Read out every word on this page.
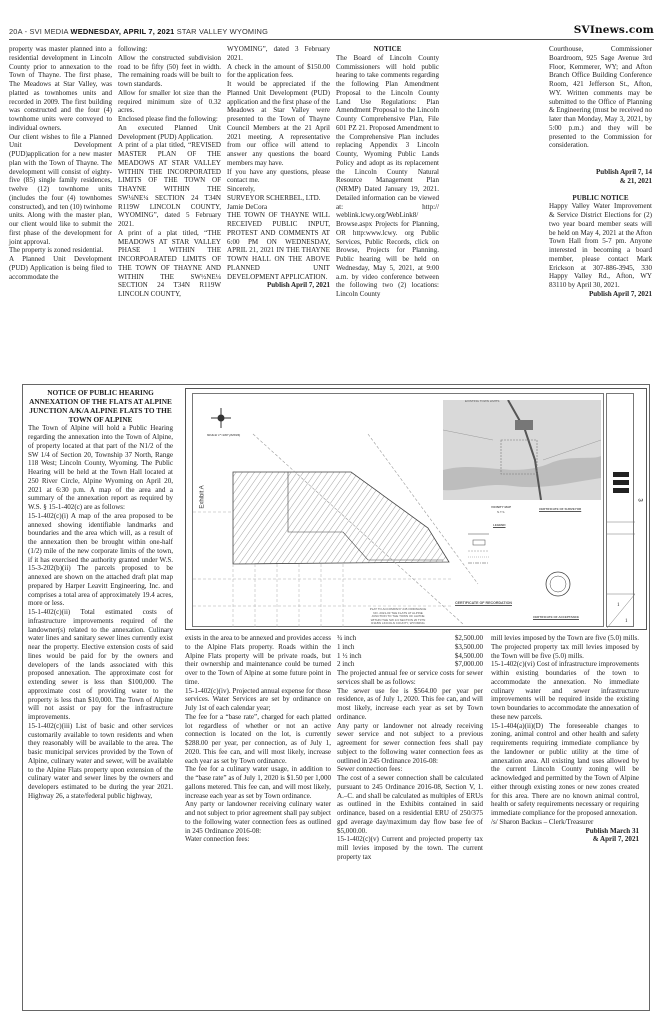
20A - SVI MEDIA WEDNESDAY, APRIL 7, 2021 STAR VALLEY WYOMING	SVInews.com

property was master planned into a residential development in Lincoln County prior to annexation to the Town of Thayne. The first phase, The Meadows at Star Valley, was platted as townhomes units and recorded in 2009. The first building was constructed and the four (4) townhome units were conveyed to individual owners.

Our client wishes to file a Planned Unit Development (PUD)application for a new master plan with the Town of Thayne. The development will consist of eighty-five (85) single family residences, twelve (12) townhome units (includes the four (4) townhomes constructed), and ten (10) twinhome units. Along with the master plan, our client would like to submit the first phase of the development for joint approval.

The property is zoned residential.

A Planned Unit Development (PUD) Application is being filed to accommodate the

following:

Allow the constructed subdivision road to be fifty (50) feet in width. The remaining roads will be built to town standards.

Allow for smaller lot size than the required minimum size of 0.32 acres.

Enclosed please find the following:

An executed Planned Unit Development (PUD) Application.

A print of a plat titled, “REVISED MASTER PLAN OF THE MEADOWS AT STAR VALLEY WITHIN THE INCORPORATED LIMITS OF THE TOWN OF THAYNE WITHIN THE SW¼NE¼ SECTION 24 T34N R119W LINCOLN COUNTY, WYOMING”, dated 5 February 2021.

A print of a plat titled, “THE MEADOWS AT STAR VALLEY PHASE 1 WITHIN THE INCORPOARATED LIMITS OF THE TOWN OF THAYNE AND WITHIN THE SW½NE¼ SECTION 24 T34N R119W LINCOLN COUNTY,

WYOMING”, dated 3 February 2021.

A check in the amount of $150.00 for the application fees.

It would be appreciated if the Planned Unit Development (PUD) application and the first phase of the Meadows at Star Valley were presented to the Town of Thayne Council Members at the 21 April 2021 meeting. A representative from our office will attend to answer any questions the board members may have.

If you have any questions, please contact me.

Sincerely,

SURVEYOR SCHERBEL, LTD.

Jamie DeCora

THE TOWN OF THAYNE WILL RECEIVED PUBLIC INPUT, PROTEST AND COMMENTS AT 6:00 PM ON WEDNESDAY, APRIL 21, 2021 IN THE THAYNE TOWN HALL ON THE ABOVE PLANNED UNIT DEVELOPMENT APPLICATION.

Publish April 7, 2021

NOTICE

The Board of Lincoln County Commissioners will hold public hearing to take comments regarding the following Plan Amendment Proposal to the Lincoln County Land Use Regulations: Plan Amendment Proposal to the Lincoln County Comprehensive Plan, File 601 PZ 21. Proposed Amendment to the Comprehensive Plan includes replacing Appendix 3 Lincoln County, Wyoming Public Lands Policy and adopt as its replacement the Lincoln County Natural Resource Management Plan (NRMP) Dated January 19, 2021. Detailed information can be viewed at: http:// weblink.lcwy.org/WebLink8/ Browse.aspx Projects for Planning, OR http:www.lcwy. org Public Services, Public Records, click on Browse, Projects for Planning. Public hearing will be held on Wednesday, May 5, 2021, at 9:00 a.m. by video conference between the following two (2) locations: Lincoln County

Courthouse, Commissioner Boardroom, 925 Sage Avenue 3rd Floor, Kemmerer, WY; and Afton Branch Office Building Conference Room, 421 Jefferson St., Afton, WY. Written comments may be submitted to the Office of Planning & Engineering (must be received no later than Monday, May 3, 2021, by 5:00 p.m.) and they will be presented to the Commission for consideration.

NOTICE OF PUBLIC HEARING ANNEXATION OF THE FLATS AT ALPINE JUNCTION A/K/A ALPINE FLATS TO THE TOWN OF ALPINE

The Town of Alpine will hold a Public Hearing regarding the annexation into the Town of Alpine, of property located at that part of the N1/2 of the SW 1/4 of Section 20, Township 37 North, Range 118 West; Lincoln County, Wyoming. The Public Hearing will be held at the Town Hall located at 250 River Circle, Alpine Wyoming on April 20, 2021 at 6:30 p.m. A map of the area and a summary of the annexation report as required by W.S. § 15-1-402(c) are as follows:

15-1-402(c)(i) A map of the area proposed to be annexed showing identifiable landmarks and boundaries and the area which will, as a result of the annexation then be brought within one-half (1/2) mile of the new corporate limits of the town, if it has exercised the authority granted under W.S. 15-3-202(b)(ii) The parcels proposed to be annexed are shown on the attached draft plat map prepared by Harper Leavitt Engineering, Inc. and comprises a total area of approximately 19.4 acres, more or less.

15-1-402(c)(ii) Total estimated costs of infrastructure improvements required of the landowner(s) related to the annexation. Culinary water lines and sanitary sewer lines currently exist near the property. Elective extension costs of said lines would be paid for by the owners and developers of the lands associated with this proposed annexation. The approximate cost for extending sewer is less than $100,000. The approximate cost of providing water to the property is less than $10,000. The Town of Alpine will not assist or pay for the infrastructure improvements.

15-1-402(c)(iii) List of basic and other services customarily available to town residents and when they reasonably will be available to the area. The basic municipal services provided by the Town of Alpine, culinary water and sewer, will be available to the Alpine Flats property upon extension of the culinary water and sewer lines by the owners and developers estimated to be during the year 2021. Highway 26, a state/federal public highway,

Exhibit A
SCALE 1"=100' (22X34)
EXISTING TOWN LIMITS
VICINITY MAP
N.T.S.
LEGEND
CERTIFICATE OF SURVEYOR
CERTIFICATE OF RECORDATION
CERTIFICATE OF ACCEPTANCE
PLAT TO ACCOMPANY 245 ORDINANCE NO. 2021-03 THE FLATS AT ALPINE JUNCTION TO THE TOWN OF ALPINE WITHIN THE SW 1/4 SECTION 20 T37N R118W LINCOLN COUNTY, WYOMING
1
1
3

exists in the area to be annexed and provides access to the Alpine Flats property. Roads within the Alpine Flats property will be private roads, but their ownership and maintenance could be turned over to the Town of Alpine at some future point in time.

15-1-402(c)(iv). Projected annual expense for those services. Water Services are set by ordinance on July 1st of each calendar year;

The fee for a “base rate”, charged for each platted lot regardless of whether or not an active connection is located on the lot, is currently $288.00 per year, per connection, as of July 1, 2020. This fee can, and will most likely, increase each year as set by Town ordinance.

The fee for a culinary water usage, in addition to the “base rate” as of July 1, 2020 is $1.50 per 1,000 gallons metered. This fee can, and will most likely, increase each year as set by Town ordinance.

Any party or landowner receiving culinary water and not subject to prior agreement shall pay subject to the following water connection fees as outlined in 245 Ordinance 2016-08:

Water connection fees:

¾ inch	$2,500.00
1 inch	$3,500.00
1 ½ inch	$4,500.00
2 inch	$7,000.00

The projected annual fee or service costs for sewer services shall be as follows:

The sewer use fee is $564.00 per year per residence, as of July 1, 2020. This fee can, and will most likely, increase each year as set by Town ordinance.

Any party or landowner not already receiving sewer service and not subject to a previous agreement for sewer connection fees shall pay subject to the following water connection fees as outlined in 245 Ordinance 2016-08:

Sewer connection fees:

The cost of a sewer connection shall be calculated pursuant to 245 Ordinance 2016-08, Section V, 1. A.–C. and shall be calculated as multiples of ERUs as outlined in the Exhibits contained in said ordinance, based on a residential ERU of 250/375 gpd average day/maximum day flow base fee of $5,000.00.

15-1-402(c)(v) Current and projected property tax mill levies imposed by the town. The current property tax

mill levies imposed by the Town are five (5.0) mills. The projected property tax mill levies imposed by the Town will be five (5.0) mills.

15-1-402(c)(vi) Cost of infrastructure improvements within existing boundaries of the town to accommodate the annexation. No immediate culinary water and sewer infrastructure improvements will be required inside the existing town boundaries to accommodate the annexation of these new parcels.

15-1-404(a)(ii)(D) The foreseeable changes to zoning, animal control and other health and safety requirements requiring immediate compliance by the landowner or public utility at the time of annexation area. All existing land uses allowed by the current Lincoln County zoning will be acknowledged and permitted by the Town of Alpine either through existing zones or new zones created for this area. There are no known animal control, health or safety requirements necessary or requiring immediate compliance for the proposed annexation.

/s/ Sharon Backus – Clerk/Treasurer

Publish March 31

& April 7, 2021

Publish April 7, 14

& 21, 2021

PUBLIC NOTICE

Happy Valley Water Improvement & Service District Elections for (2) two year board member seats will be held on May 4, 2021 at the Afton Town Hall from 5-7 pm. Anyone interested in becoming a board member, please contact Mark Erickson at 307-886-3945, 330 Happy Valley Rd., Afton, WY 83110 by April 30, 2021.

Publish April 7, 2021
